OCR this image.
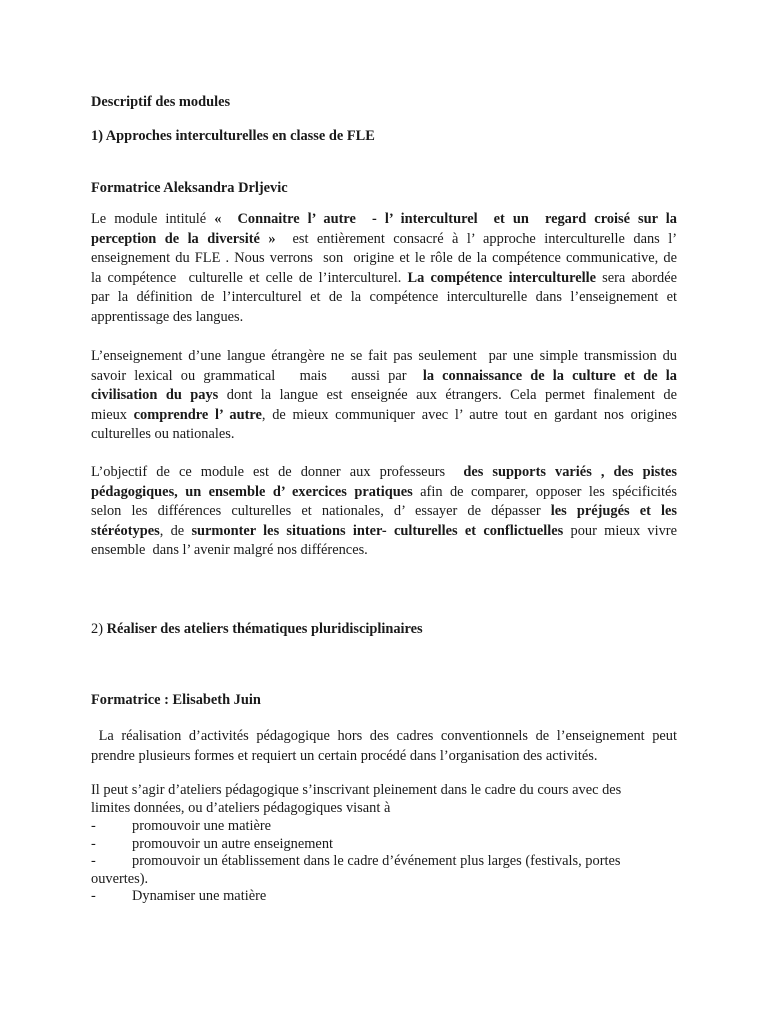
Descriptif des modules
1) Approches interculturelles en classe de FLE
Formatrice Aleksandra Drljevic
Le module intitulé «  Connaitre l’ autre  - l’ interculturel  et un  regard croisé sur la
perception de la diversité »  est entièrement consacré à l’ approche interculturelle dans l’
enseignement du FLE . Nous verrons  son  origine et le rôle de la compétence communicative, de
la compétence  culturelle et celle de l’interculturel. La compétence interculturelle sera abordée
par la définition de l’interculturel et de la compétence interculturelle dans l’enseignement et
apprentissage des langues.
L’enseignement d’une langue étrangère ne se fait pas seulement  par une simple transmission du
savoir lexical ou grammatical   mais   aussi par  la connaissance de la culture et de la
civilisation du pays dont la langue est enseignée aux étrangers. Cela permet finalement de
mieux comprendre l’ autre, de mieux communiquer avec l’ autre tout en gardant nos origines
culturelles ou nationales.
L’objectif de ce module est de donner aux professeurs  des supports variés , des pistes
pédagogiques, un ensemble d’ exercices pratiques afin de comparer, opposer les spécificités
selon les différences culturelles et nationales, d’ essayer de dépasser les préjugés et les
stéréotypes, de surmonter les situations inter- culturelles et conflictuelles pour mieux vivre
ensemble  dans l’ avenir malgré nos différences.
2) Réaliser des ateliers thématiques pluridisciplinaires
Formatrice : Elisabeth Juin
La réalisation d’activités pédagogique hors des cadres conventionnels de l’enseignement peut
prendre plusieurs formes et requiert un certain procédé dans l’organisation des activités.
Il peut s’agir d’ateliers pédagogique s’inscrivant pleinement dans le cadre du cours avec des
limites données, ou d’ateliers pédagogiques visant à
-	promouvoir une matière
-	promouvoir un autre enseignement
-	promouvoir un établissement dans le cadre d’événement plus larges (festivals, portes
ouvertes).
-	Dynamiser une matière
